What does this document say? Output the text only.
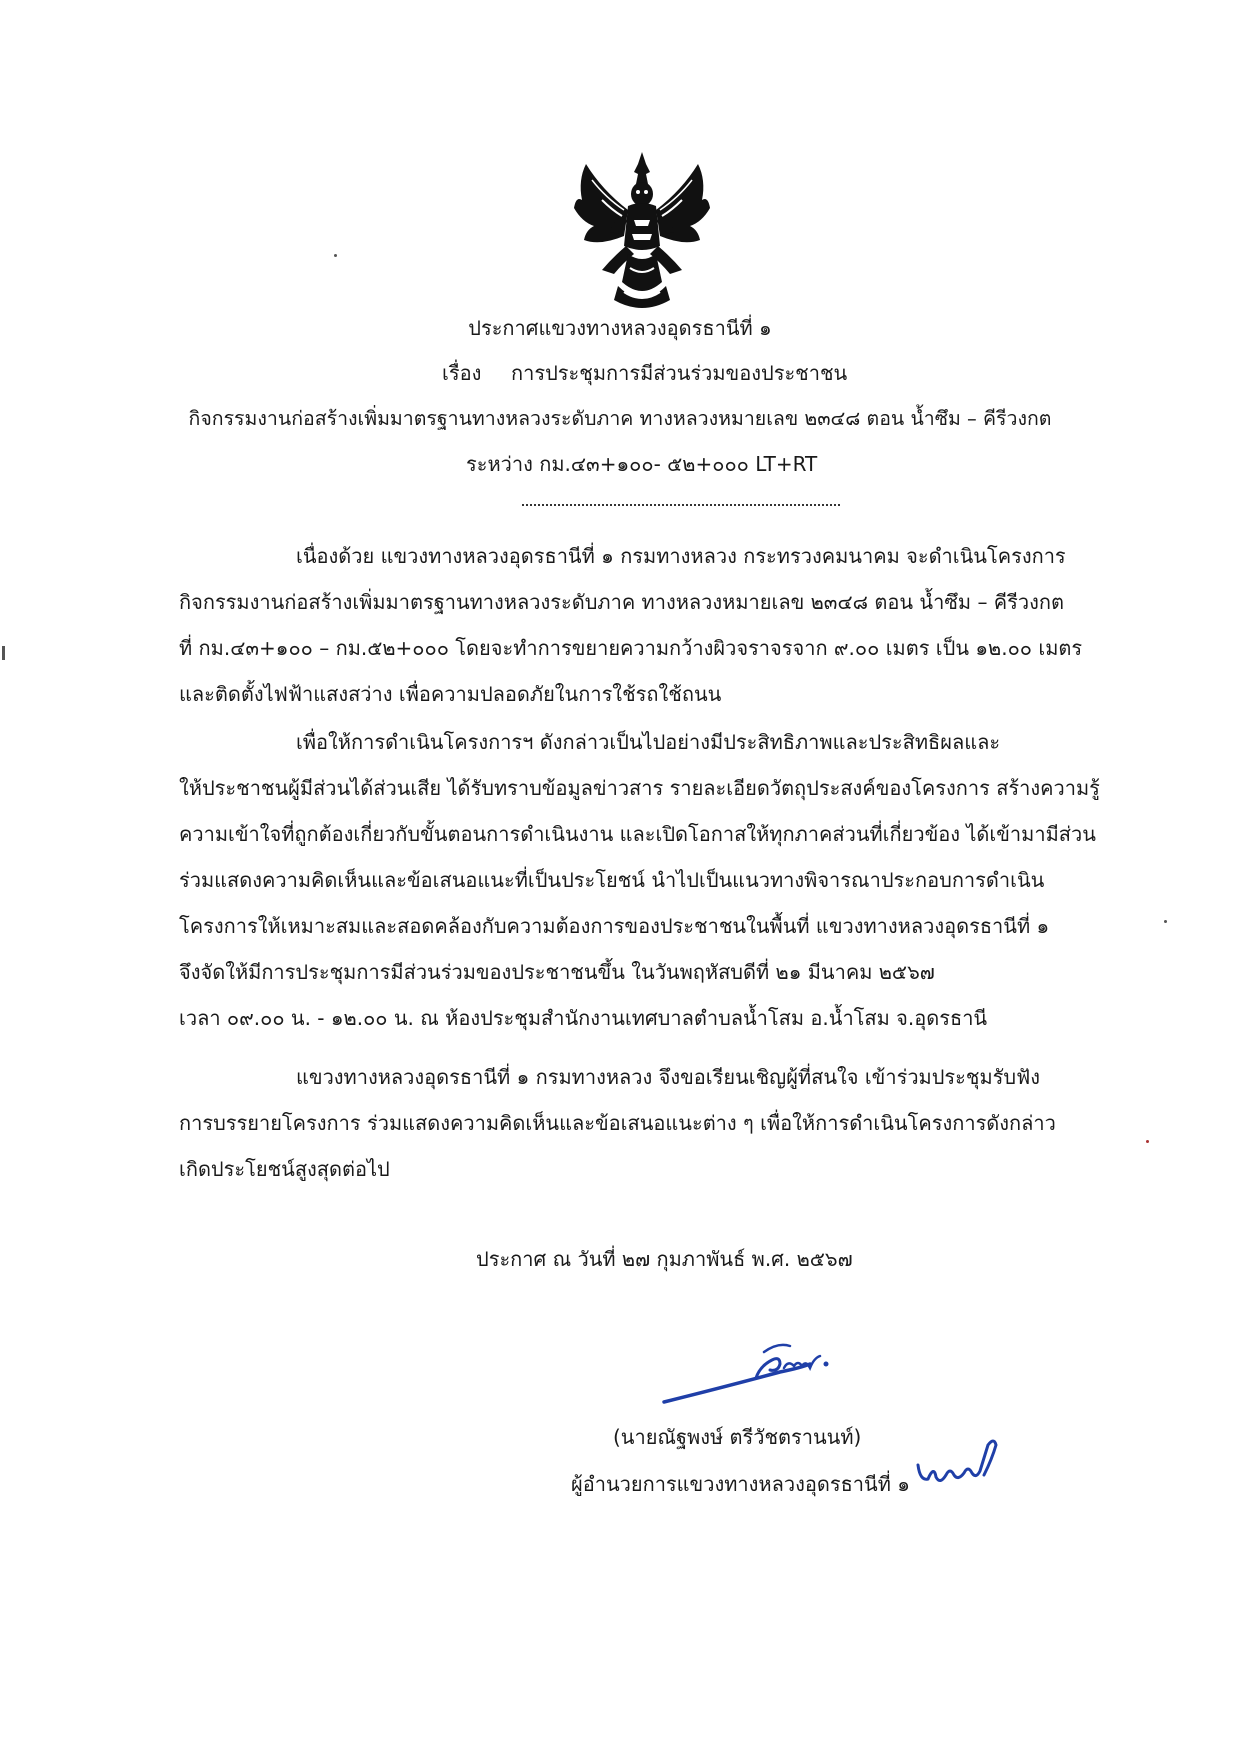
ประกาศแขวงทางหลวงอุดรธานีที่ ๑
เรื่อง การประชุมการมีส่วนร่วมของประชาชน
กิจกรรมงานก่อสร้างเพิ่มมาตรฐานทางหลวงระดับภาค ทางหลวงหมายเลข ๒๓๔๘ ตอน น้ำซึม – คีรีวงกต
ระหว่าง กม.๔๓+๑๐๐- ๕๒+๐๐๐ LT+RT
เนื่องด้วย แขวงทางหลวงอุดรธานีที่ ๑ กรมทางหลวง กระทรวงคมนาคม จะดำเนินโครงการ
กิจกรรมงานก่อสร้างเพิ่มมาตรฐานทางหลวงระดับภาค ทางหลวงหมายเลข ๒๓๔๘ ตอน น้ำซึม – คีรีวงกต
ที่ กม.๔๓+๑๐๐ – กม.๕๒+๐๐๐ โดยจะทำการขยายความกว้างผิวจราจรจาก ๙.๐๐ เมตร เป็น ๑๒.๐๐ เมตร
และติดตั้งไฟฟ้าแสงสว่าง เพื่อความปลอดภัยในการใช้รถใช้ถนน
เพื่อให้การดำเนินโครงการฯ ดังกล่าวเป็นไปอย่างมีประสิทธิภาพและประสิทธิผลและ
ให้ประชาชนผู้มีส่วนได้ส่วนเสีย ได้รับทราบข้อมูลข่าวสาร รายละเอียดวัตถุประสงค์ของโครงการ สร้างความรู้
ความเข้าใจที่ถูกต้องเกี่ยวกับขั้นตอนการดำเนินงาน และเปิดโอกาสให้ทุกภาคส่วนที่เกี่ยวข้อง ได้เข้ามามีส่วน
ร่วมแสดงความคิดเห็นและข้อเสนอแนะที่เป็นประโยชน์ นำไปเป็นแนวทางพิจารณาประกอบการดำเนิน
โครงการให้เหมาะสมและสอดคล้องกับความต้องการของประชาชนในพื้นที่ แขวงทางหลวงอุดรธานีที่ ๑
จึงจัดให้มีการประชุมการมีส่วนร่วมของประชาชนขึ้น ในวันพฤหัสบดีที่ ๒๑ มีนาคม ๒๕๖๗
เวลา ๐๙.๐๐ น. - ๑๒.๐๐ น. ณ ห้องประชุมสำนักงานเทศบาลตำบลน้ำโสม อ.น้ำโสม จ.อุดรธานี
แขวงทางหลวงอุดรธานีที่ ๑ กรมทางหลวง จึงขอเรียนเชิญผู้ที่สนใจ เข้าร่วมประชุมรับฟัง
การบรรยายโครงการ ร่วมแสดงความคิดเห็นและข้อเสนอแนะต่าง ๆ เพื่อให้การดำเนินโครงการดังกล่าว
เกิดประโยชน์สูงสุดต่อไป
ประกาศ ณ วันที่ ๒๗ กุมภาพันธ์ พ.ศ. ๒๕๖๗
(นายณัฐพงษ์ ตรีวัชตรานนท์)
ผู้อำนวยการแขวงทางหลวงอุดรธานีที่ ๑
